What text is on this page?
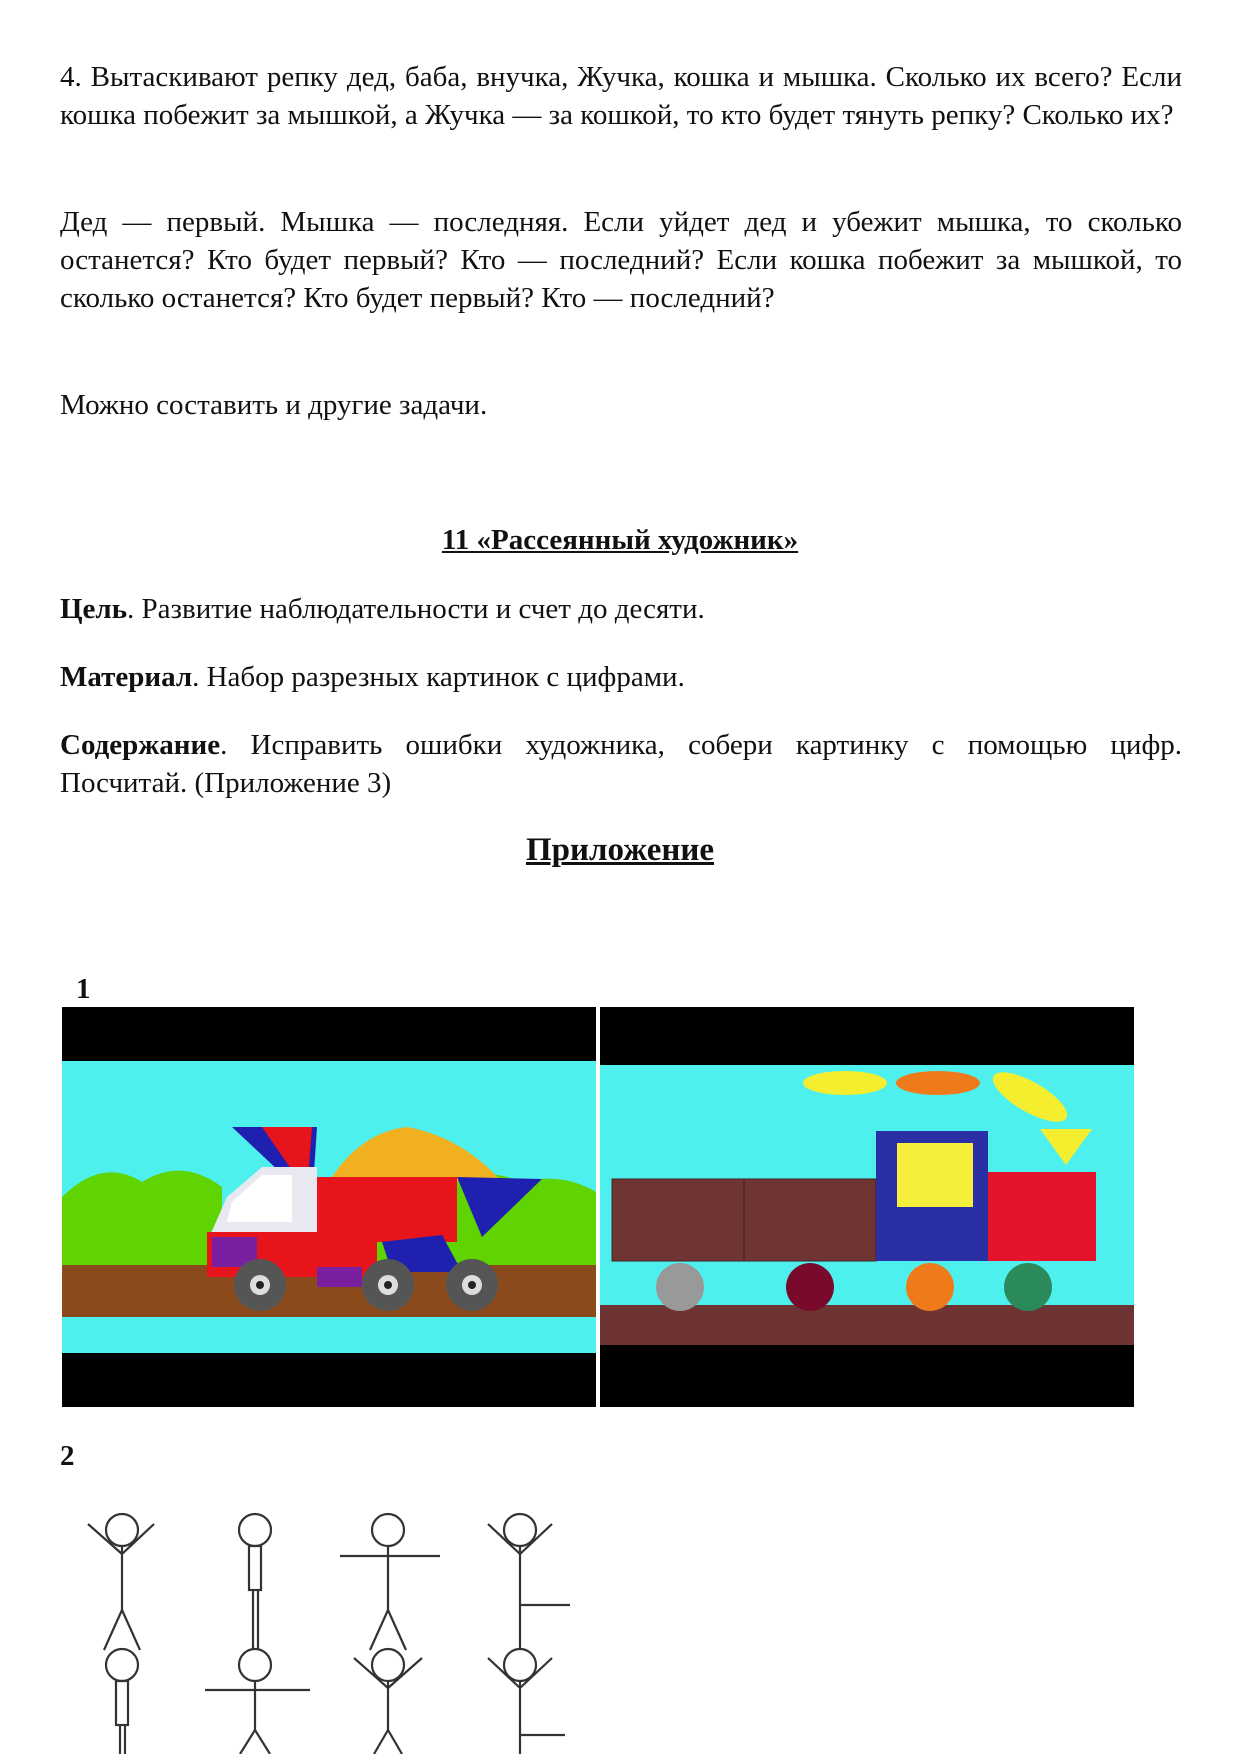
4. Вытаскивают репку дед, баба, внучка, Жучка, кошка и мышка. Сколько их всего? Если кошка побежит за мышкой, а Жучка — за кошкой, то кто будет тянуть репку? Сколько их?

Дед — первый. Мышка — последняя. Если уйдет дед и убежит мышка, то сколько останется? Кто будет первый? Кто — последний? Если кошка побежит за мышкой, то сколько останется? Кто будет первый? Кто — последний?

Можно составить и другие задачи.

11 «Рассеянный художник»

Цель. Развитие наблюдательности и счет до десяти.

Материал. Набор разрезных картинок с цифрами.

Содержание. Исправить ошибки художника, собери картинку с помощью цифр. Посчитай. (Приложение 3)

Приложение

1
2
